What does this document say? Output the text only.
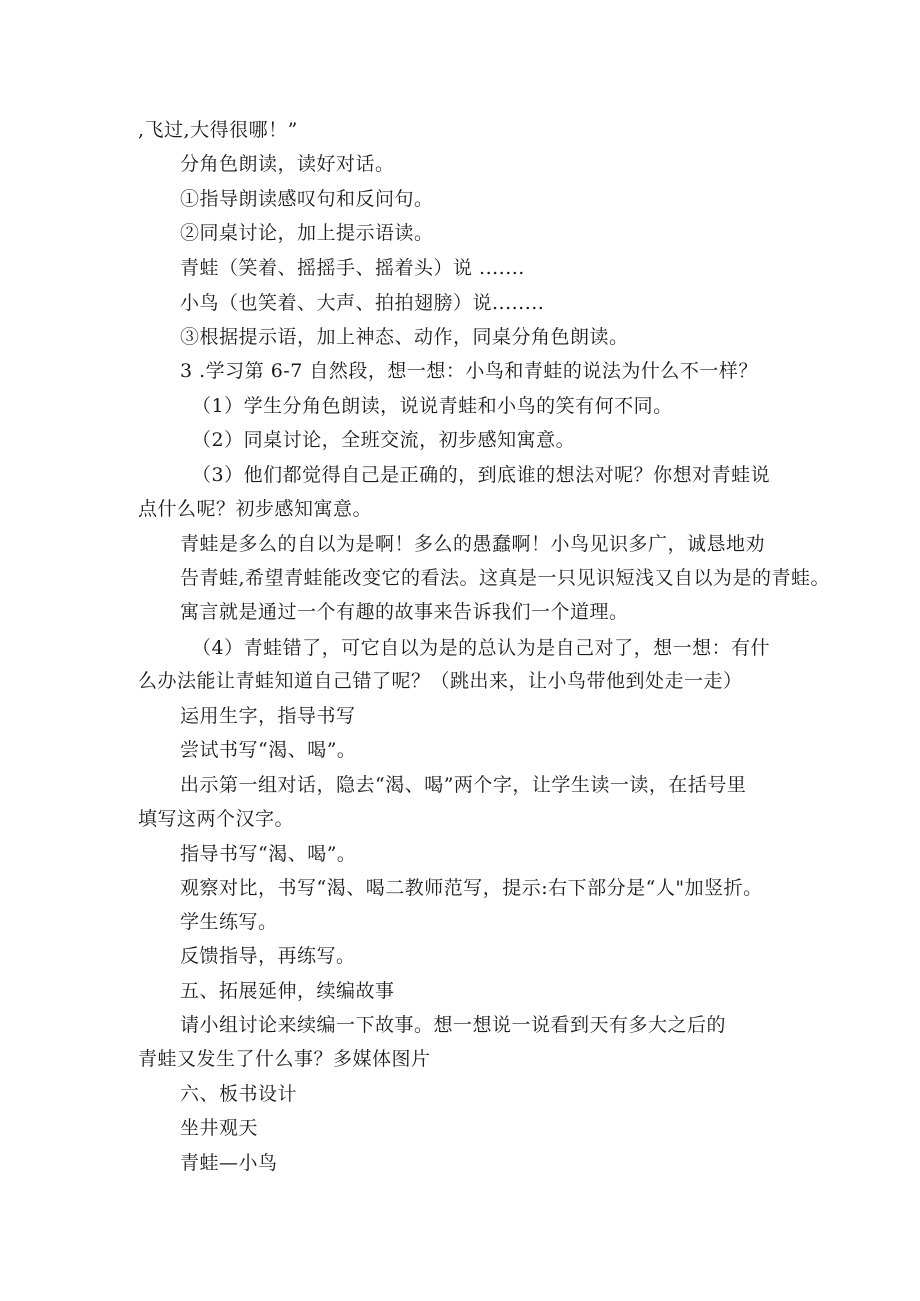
,飞过,大得很哪！”
分角色朗读，读好对话。
①指导朗读感叹句和反问句。
②同桌讨论，加上提示语读。
青蛙（笑着、摇摇手、摇着头）说 .......
小鸟（也笑着、大声、拍拍翅膀）说........
③根据提示语，加上神态、动作，同桌分角色朗读。
3 .学习第 6-7 自然段，想一想：小鸟和青蛙的说法为什么不一样？
（1）学生分角色朗读，说说青蛙和小鸟的笑有何不同。
（2）同桌讨论，全班交流，初步感知寓意。
（3）他们都觉得自己是正确的，到底谁的想法对呢？你想对青蛙说
点什么呢？初步感知寓意。
青蛙是多么的自以为是啊！多么的愚蠢啊！小鸟见识多广，诚恳地劝
告青蛙,希望青蛙能改变它的看法。这真是一只见识短浅又自以为是的青蛙。
寓言就是通过一个有趣的故事来告诉我们一个道理。
（4）青蛙错了，可它自以为是的总认为是自己对了，想一想：有什
么办法能让青蛙知道自己错了呢？（跳出来，让小鸟带他到处走一走）
运用生字，指导书写
尝试书写“渴、喝”。
出示第一组对话，隐去“渴、喝”两个字，让学生读一读，在括号里
填写这两个汉字。
指导书写“渴、喝”。
观察对比，书写“渴、喝二教师范写，提示:右下部分是“人"加竖折。
学生练写。
反馈指导，再练写。
五、拓展延伸，续编故事
请小组讨论来续编一下故事。想一想说一说看到天有多大之后的
青蛙又发生了什么事？多媒体图片
六、板书设计
坐井观天
青蛙—小鸟
